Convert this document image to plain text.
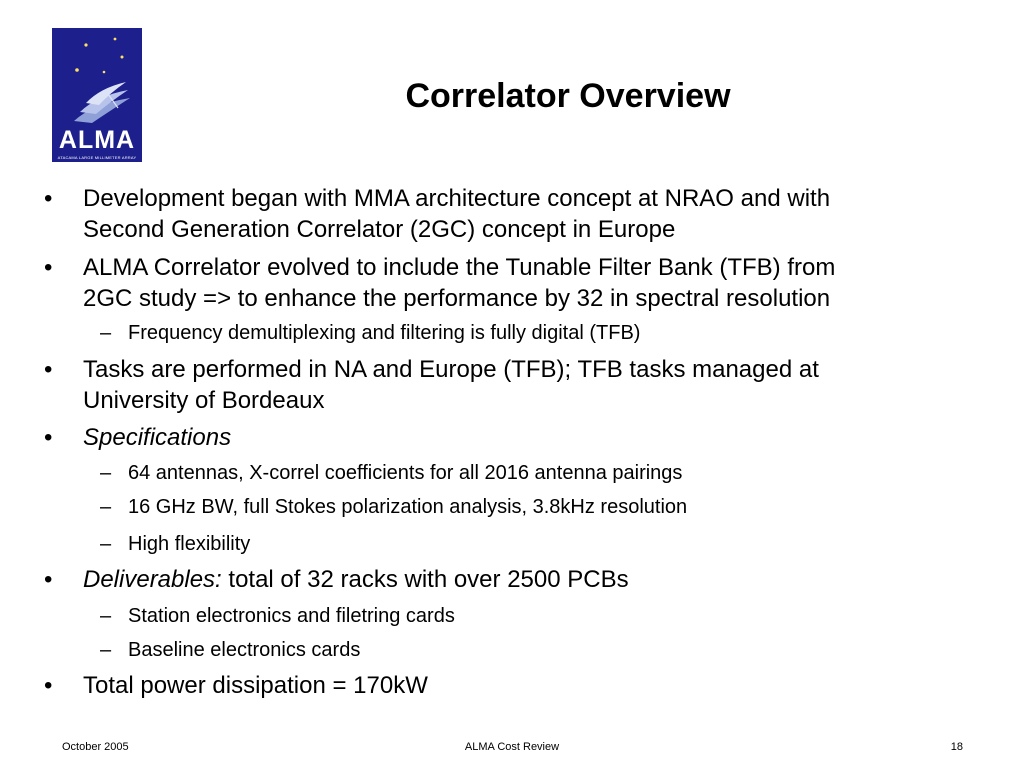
ALMA
ATACAMA LARGE MILLIMETER ARRAY
Correlator Overview
• Development began with MMA architecture concept at NRAO and with
Second Generation Correlator (2GC) concept in Europe
• ALMA Correlator evolved to include the Tunable Filter Bank (TFB) from
2GC study => to enhance the performance by 32 in spectral resolution
– Frequency demultiplexing and filtering is fully digital (TFB)
• Tasks are performed in NA and Europe (TFB); TFB tasks managed at
University of Bordeaux
• Specifications
– 64 antennas, X-correl coefficients for all 2016 antenna pairings
– 16 GHz BW, full Stokes polarization analysis, 3.8kHz resolution
– High flexibility
• Deliverables: total of 32 racks with over 2500 PCBs
– Station electronics and filetring cards
– Baseline electronics cards
• Total power dissipation = 170kW
October 2005	ALMA Cost Review	18
